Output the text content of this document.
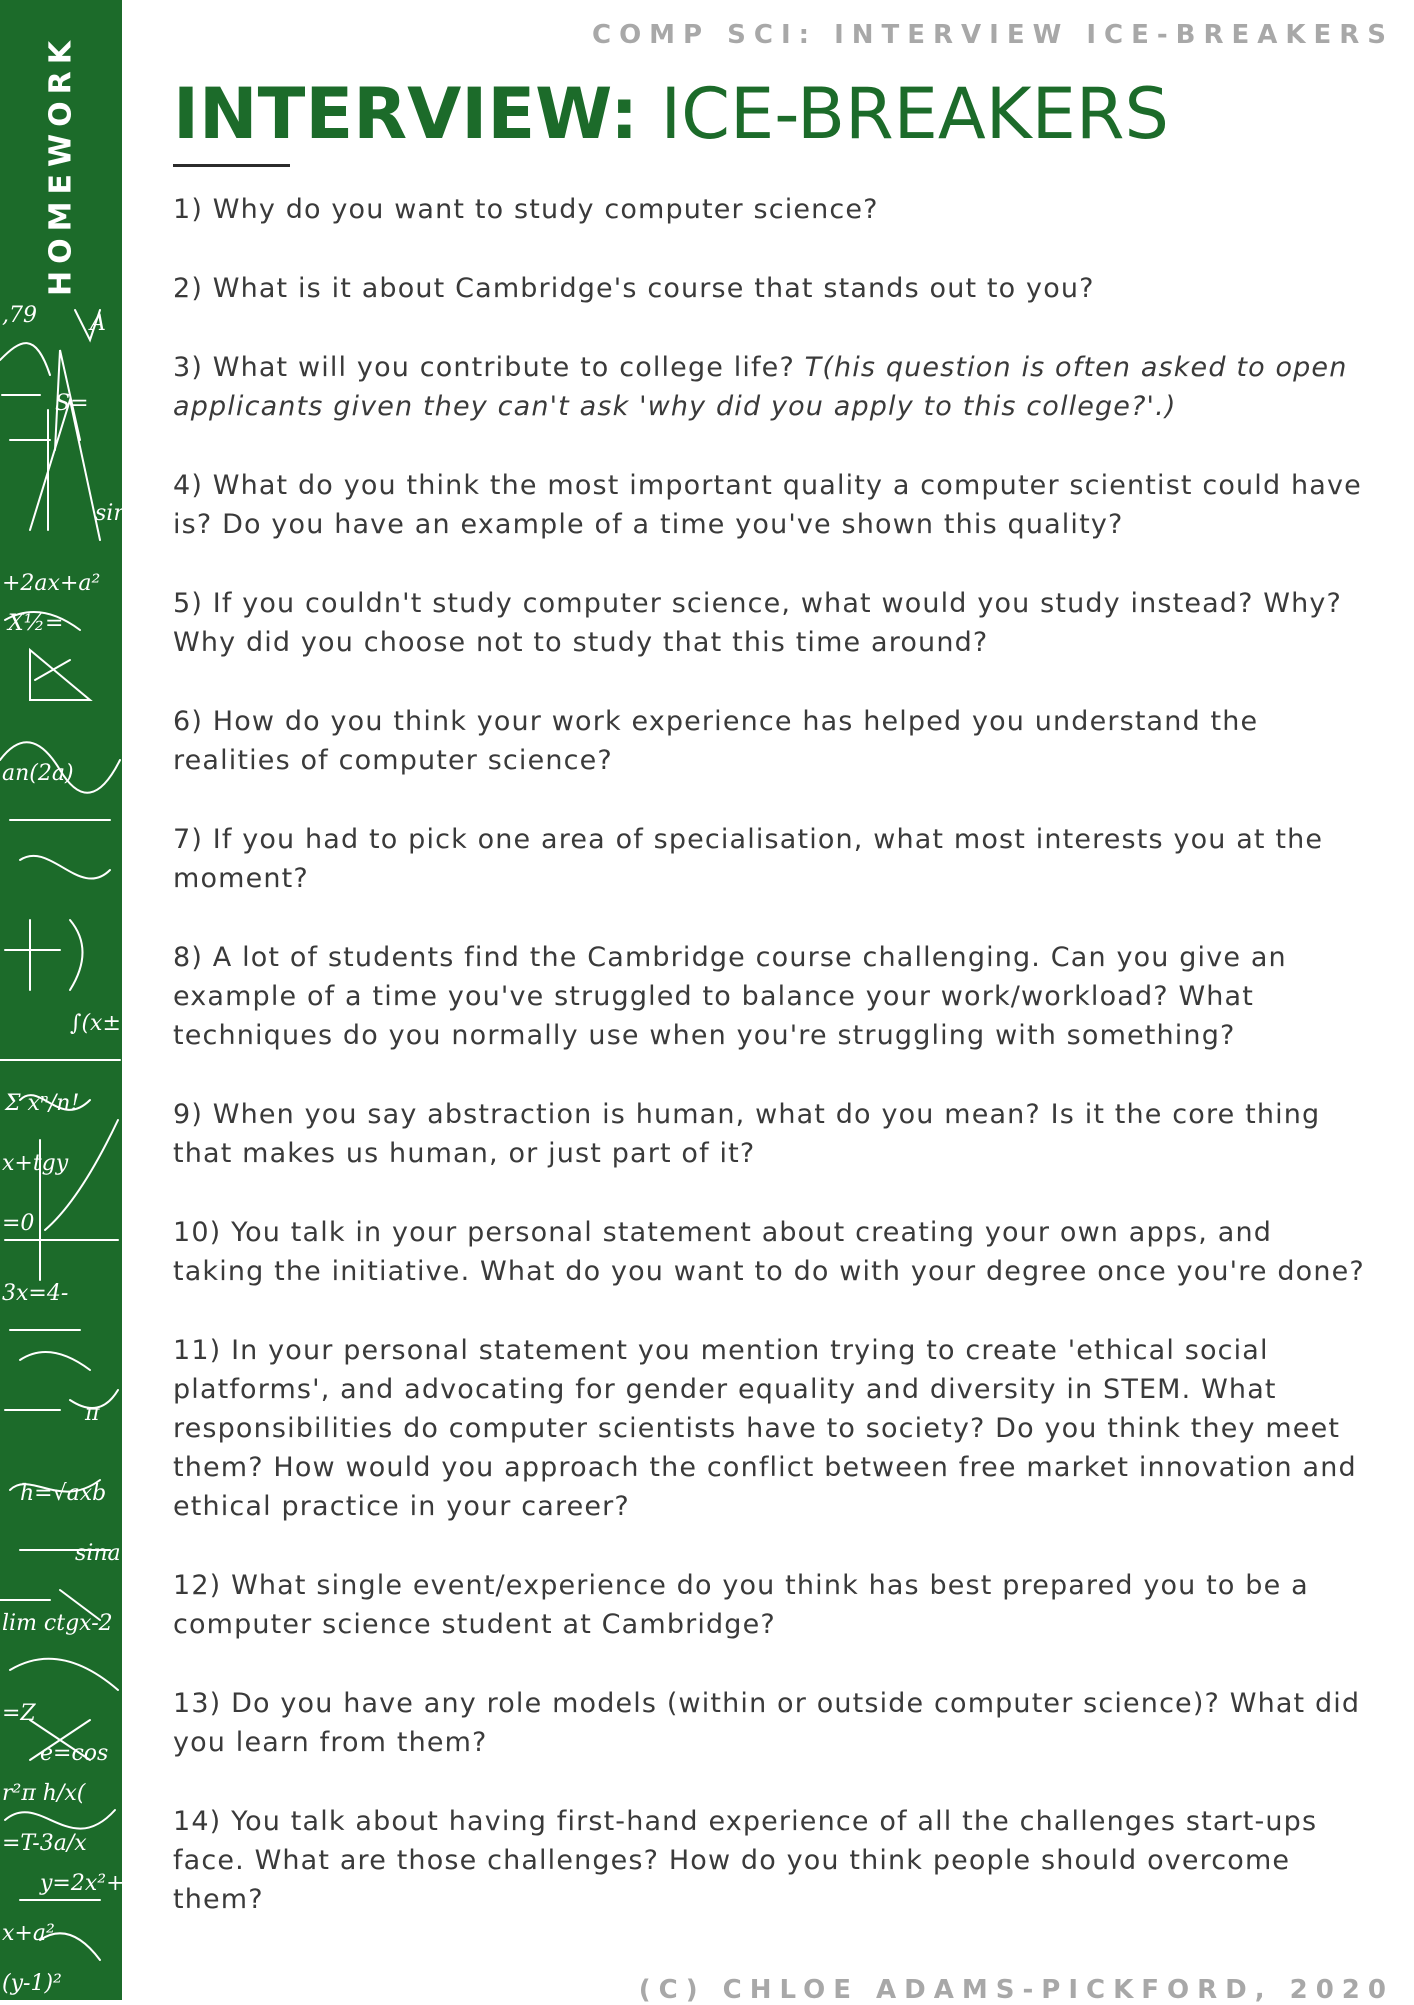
,79 A
S=
sinx
+2ax+a²
X½=
an(2a)
∫(x±
Σ xⁿ/n!
x+tgy
=0
3x=4-
π
h=√axb
sina
lim ctgx-2
=Z
e=cos
r²π h/x(
=T-3a/x
y=2x²+
x+a²
(y-1)²
HOMEWORK	COMP SCI: INTERVIEW ICE-BREAKERS
INTERVIEW: ICE-BREAKERS
1) Why do you want to study computer science?
2) What is it about Cambridge's course that stands out to you?
3) What will you contribute to college life? T(his question is often asked to open applicants given they can't ask 'why did you apply to this college?'.)
4) What do you think the most important quality a computer scientist could have is? Do you have an example of a time you've shown this quality?
5) If you couldn't study computer science, what would you study instead? Why? Why did you choose not to study that this time around?
6) How do you think your work experience has helped you understand the realities of computer science?
7) If you had to pick one area of specialisation, what most interests you at the moment?
8) A lot of students find the Cambridge course challenging. Can you give an example of a time you've struggled to balance your work/workload? What techniques do you normally use when you're struggling with something?
9) When you say abstraction is human, what do you mean? Is it the core thing that makes us human, or just part of it?
10) You talk in your personal statement about creating your own apps, and taking the initiative. What do you want to do with your degree once you're done?
11) In your personal statement you mention trying to create 'ethical social platforms', and advocating for gender equality and diversity in STEM. What responsibilities do computer scientists have to society? Do you think they meet them? How would you approach the conflict between free market innovation and ethical practice in your career?
12) What single event/experience do you think has best prepared you to be a computer science student at Cambridge?
13) Do you have any role models (within or outside computer science)? What did you learn from them?
14) You talk about having first-hand experience of all the challenges start-ups face. What are those challenges? How do you think people should overcome them?
(C) CHLOE ADAMS-PICKFORD, 2020
